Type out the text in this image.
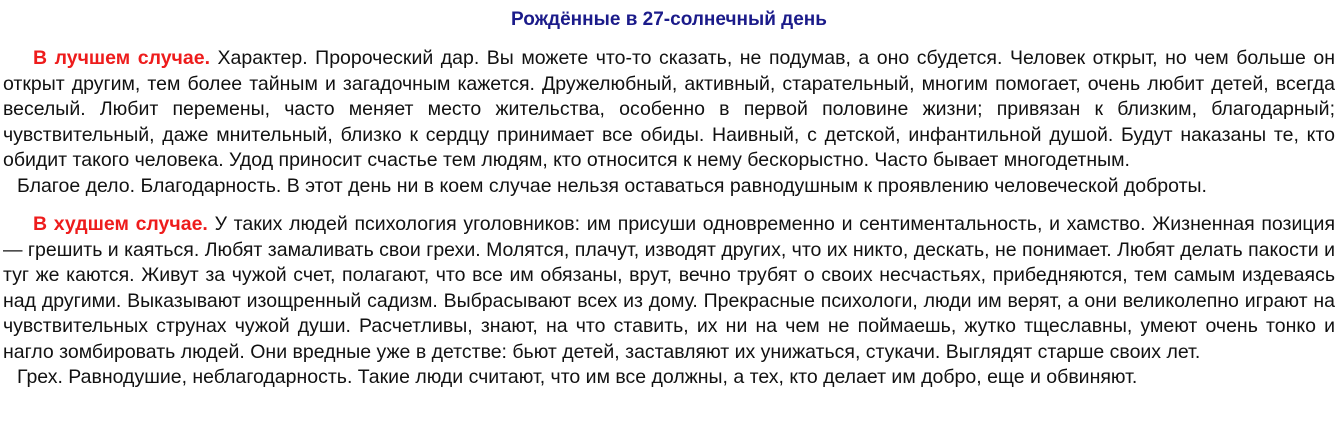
Рождённые в 27-солнечный день

В лучшем случае. Характер. Пророческий дар. Вы можете что-то сказать, не подумав, а оно сбудется. Человек открыт, но чем больше он открыт другим, тем более тайным и загадочным кажется. Дружелюбный, активный, старательный, многим помогает, очень любит детей, всегда веселый. Любит перемены, часто меняет место жительства, особенно в первой половине жизни; привязан к близким, благодарный; чувствительный, даже мнительный, близко к сердцу принимает все обиды. Наивный, с детской, инфантильной душой. Будут наказаны те, кто обидит такого человека. Удод приносит счастье тем людям, кто относится к нему бескорыстно. Часто бывает многодетным.

Благое дело. Благодарность. В этот день ни в коем случае нельзя оставаться равнодушным к проявлению человеческой доброты.

В худшем случае. У таких людей психология уголовников: им присуши одновременно и сентиментальность, и хамство. Жизненная позиция — грешить и каяться. Любят замаливать свои грехи. Молятся, плачут, изводят других, что их никто, дескать, не понимает. Любят делать пакости и туг же каются. Живут за чужой счет, полагают, что все им обязаны, врут, вечно трубят о своих несчастьях, прибедняются, тем самым издеваясь над другими. Выказывают изощренный садизм. Выбрасывают всех из дому. Прекрасные психологи, люди им верят, а они великолепно играют на чувствительных струнах чужой души. Расчетливы, знают, на что ставить, их ни на чем не поймаешь, жутко тщеславны, умеют очень тонко и нагло зомбировать людей. Они вредные уже в детстве: бьют детей, заставляют их унижаться, стукачи. Выглядят старше своих лет.

Грех. Равнодушие, неблагодарность. Такие люди считают, что им все должны, а тех, кто делает им добро, еще и обвиняют.
